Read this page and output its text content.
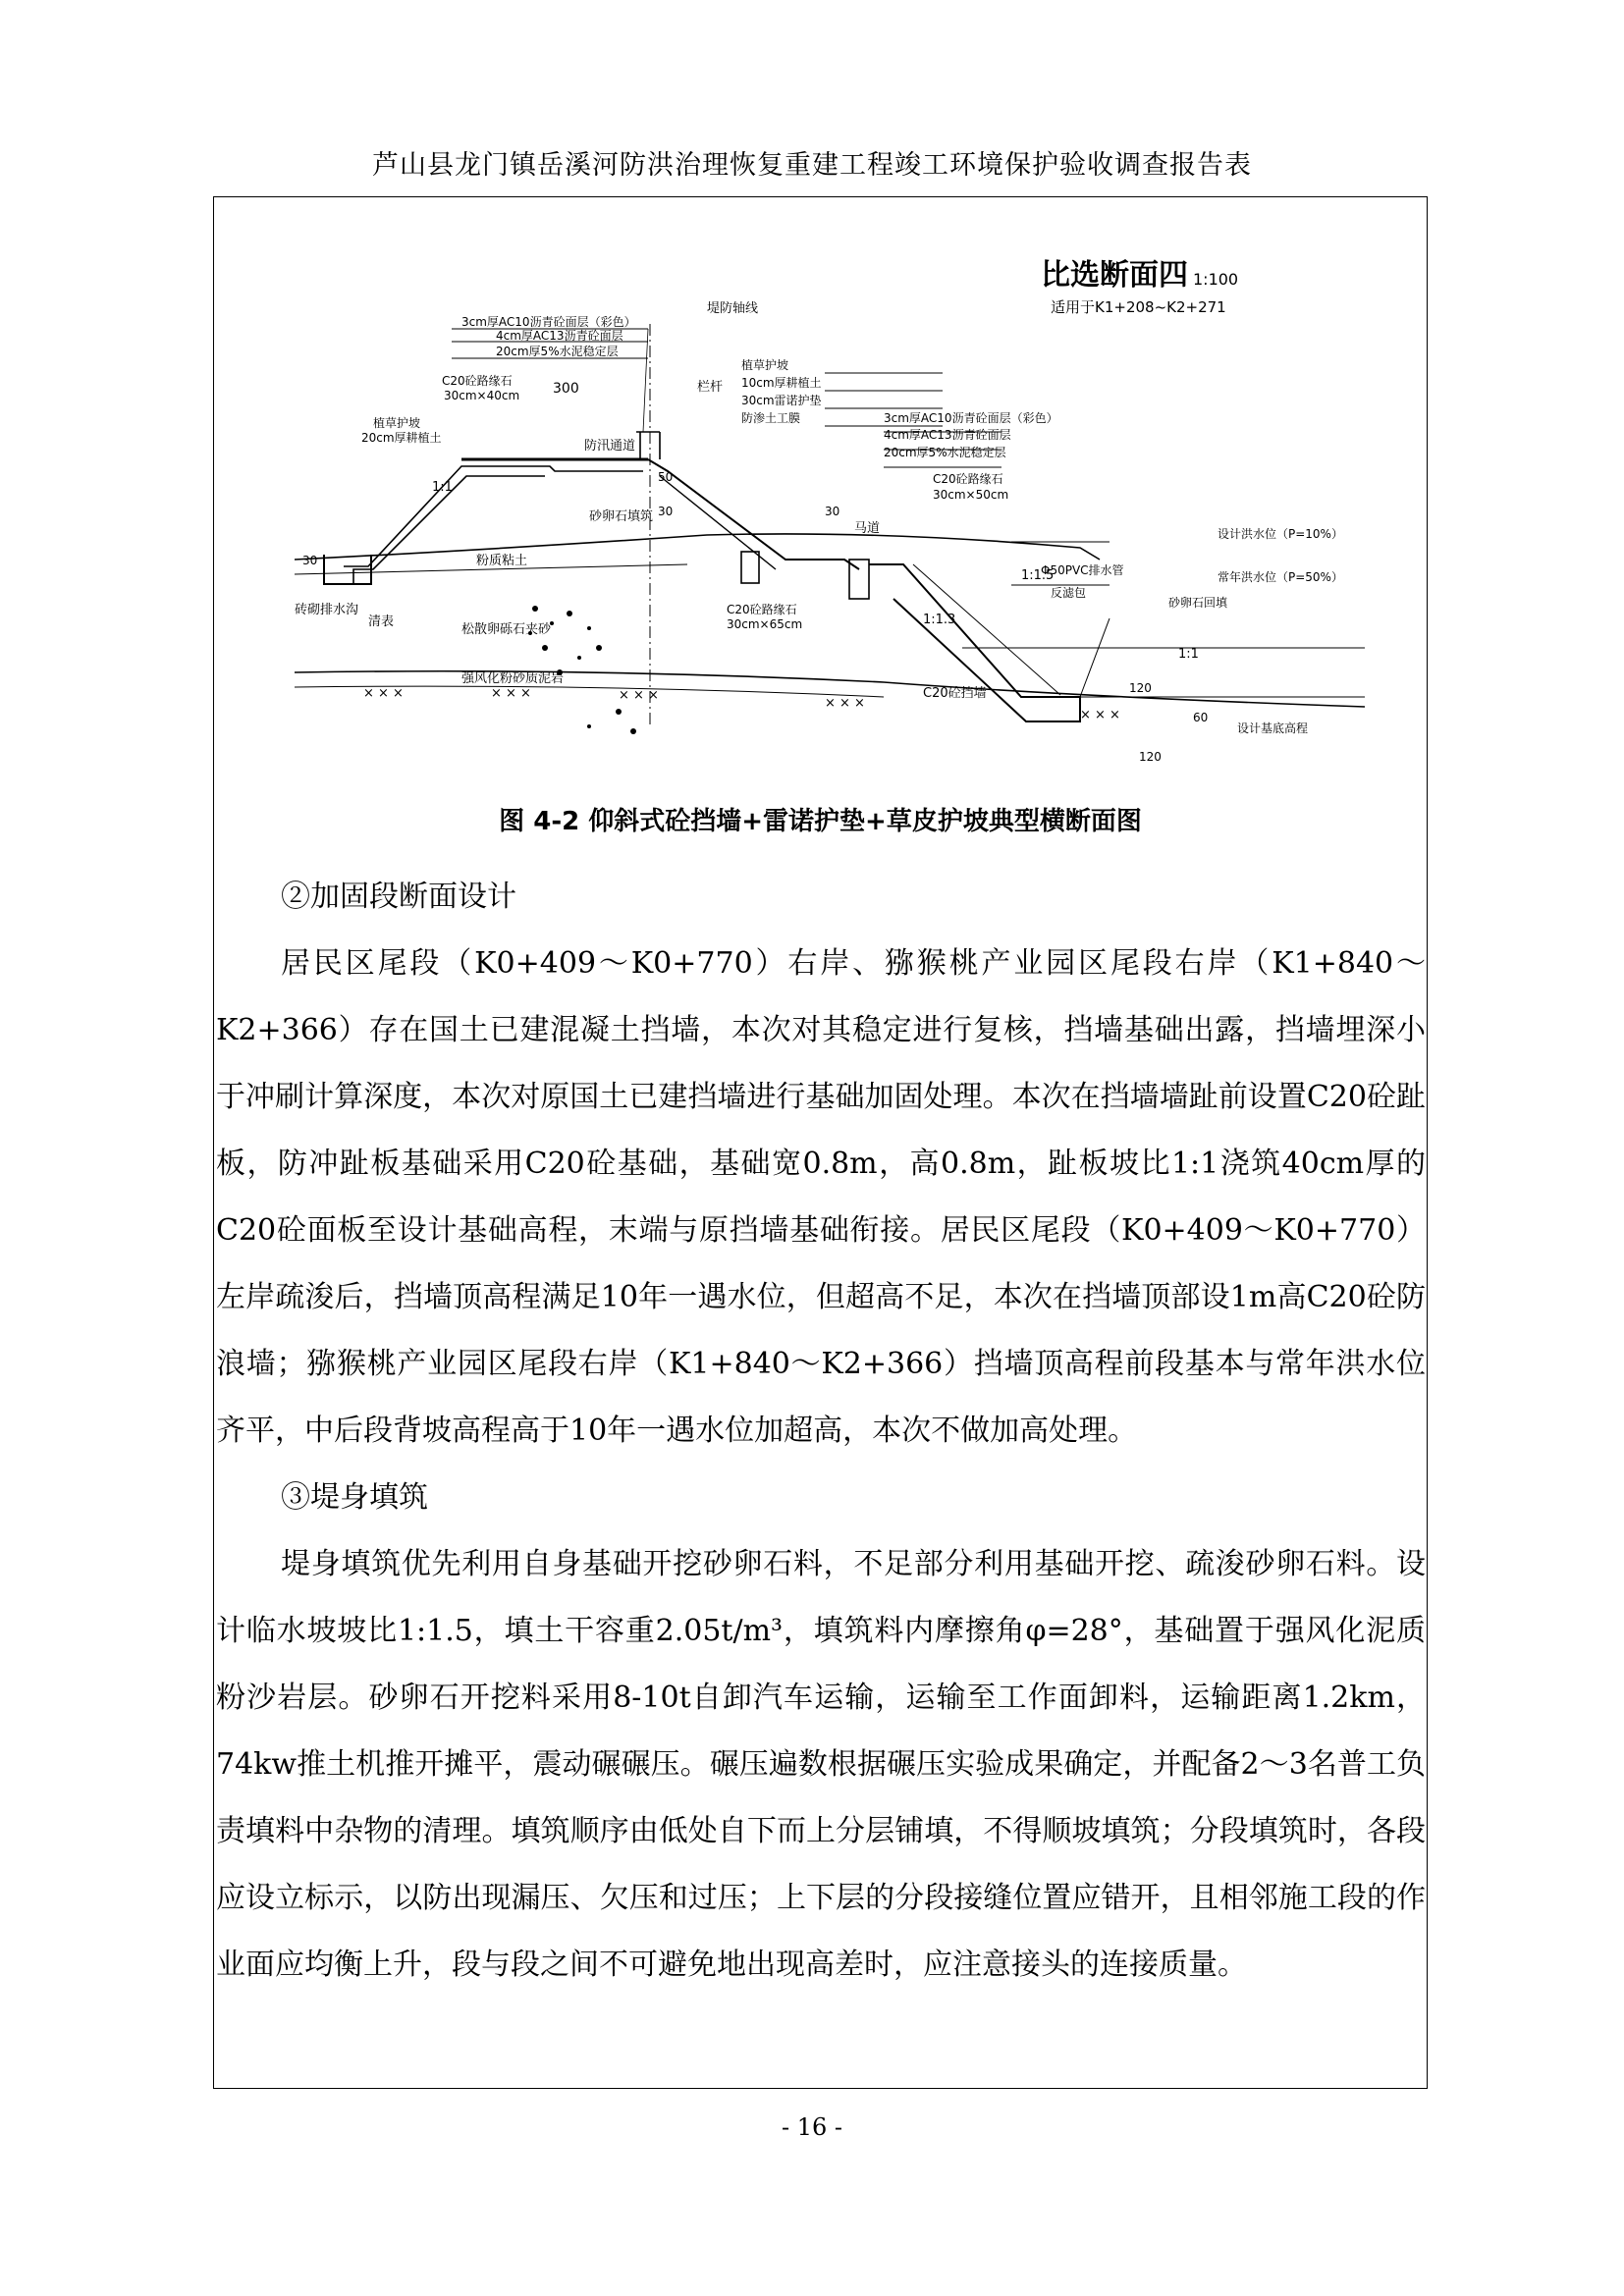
芦山县龙门镇岳溪河防洪治理恢复重建工程竣工环境保护验收调查报告表
× × ×	× × ×	× × ×
× × ×
× × ×
比选断面四 1:100
适用于K1+208~K2+271
3cm厚AC10沥青砼面层（彩色）
4cm厚AC13沥青砼面层
20cm厚5%水泥稳定层
堤防轴线
C20砼路缘石
30cm×40cm 300	栏杆
植草护坡
10cm厚耕植土
30cm雷诺护垫
防渗土工膜	3cm厚AC10沥青砼面层（彩色）
4cm厚AC13沥青砼面层
20cm厚5%水泥稳定层
C20砼路缘石
30cm×50cm
植草护坡
20cm厚耕植土
防汛通道
砂卵石填筑 30
50
30
马道
1:1
1:1.5
1:1.3
1:1
设计洪水位（P=10%）
常年洪水位（P=50%）
Φ50PVC排水管
反滤包
砂卵石回填
砖砌排水沟
清表
粉质粘土
松散卵砾石夹砂
强风化粉砂质泥岩
C20砼路缘石
30cm×65cm
C20砼挡墙	120
120
60
设计基底高程
30
图 4-2 仰斜式砼挡墙+雷诺护垫+草皮护坡典型横断面图

②加固段断面设计

居民区尾段（K0+409～K0+770）右岸、猕猴桃产业园区尾段右岸（K1+840～K2+366）存在国土已建混凝土挡墙，本次对其稳定进行复核，挡墙基础出露，挡墙埋深小于冲刷计算深度，本次对原国土已建挡墙进行基础加固处理。本次在挡墙墙趾前设置C20砼趾板，防冲趾板基础采用C20砼基础，基础宽0.8m，高0.8m，趾板坡比1:1浇筑40cm厚的C20砼面板至设计基础高程，末端与原挡墙基础衔接。居民区尾段（K0+409～K0+770）左岸疏浚后，挡墙顶高程满足10年一遇水位，但超高不足，本次在挡墙顶部设1m高C20砼防浪墙；猕猴桃产业园区尾段右岸（K1+840～K2+366）挡墙顶高程前段基本与常年洪水位齐平，中后段背坡高程高于10年一遇水位加超高，本次不做加高处理。

③堤身填筑

堤身填筑优先利用自身基础开挖砂卵石料，不足部分利用基础开挖、疏浚砂卵石料。设计临水坡坡比1:1.5，填土干容重2.05t/m³，填筑料内摩擦角φ=28°，基础置于强风化泥质粉沙岩层。砂卵石开挖料采用8-10t自卸汽车运输，运输至工作面卸料，运输距离1.2km，74kw推土机推开摊平，震动碾碾压。碾压遍数根据碾压实验成果确定，并配备2～3名普工负责填料中杂物的清理。填筑顺序由低处自下而上分层铺填，不得顺坡填筑；分段填筑时，各段应设立标示，以防出现漏压、欠压和过压；上下层的分段接缝位置应错开，且相邻施工段的作业面应均衡上升，段与段之间不可避免地出现高差时，应注意接头的连接质量。

- 16 -
